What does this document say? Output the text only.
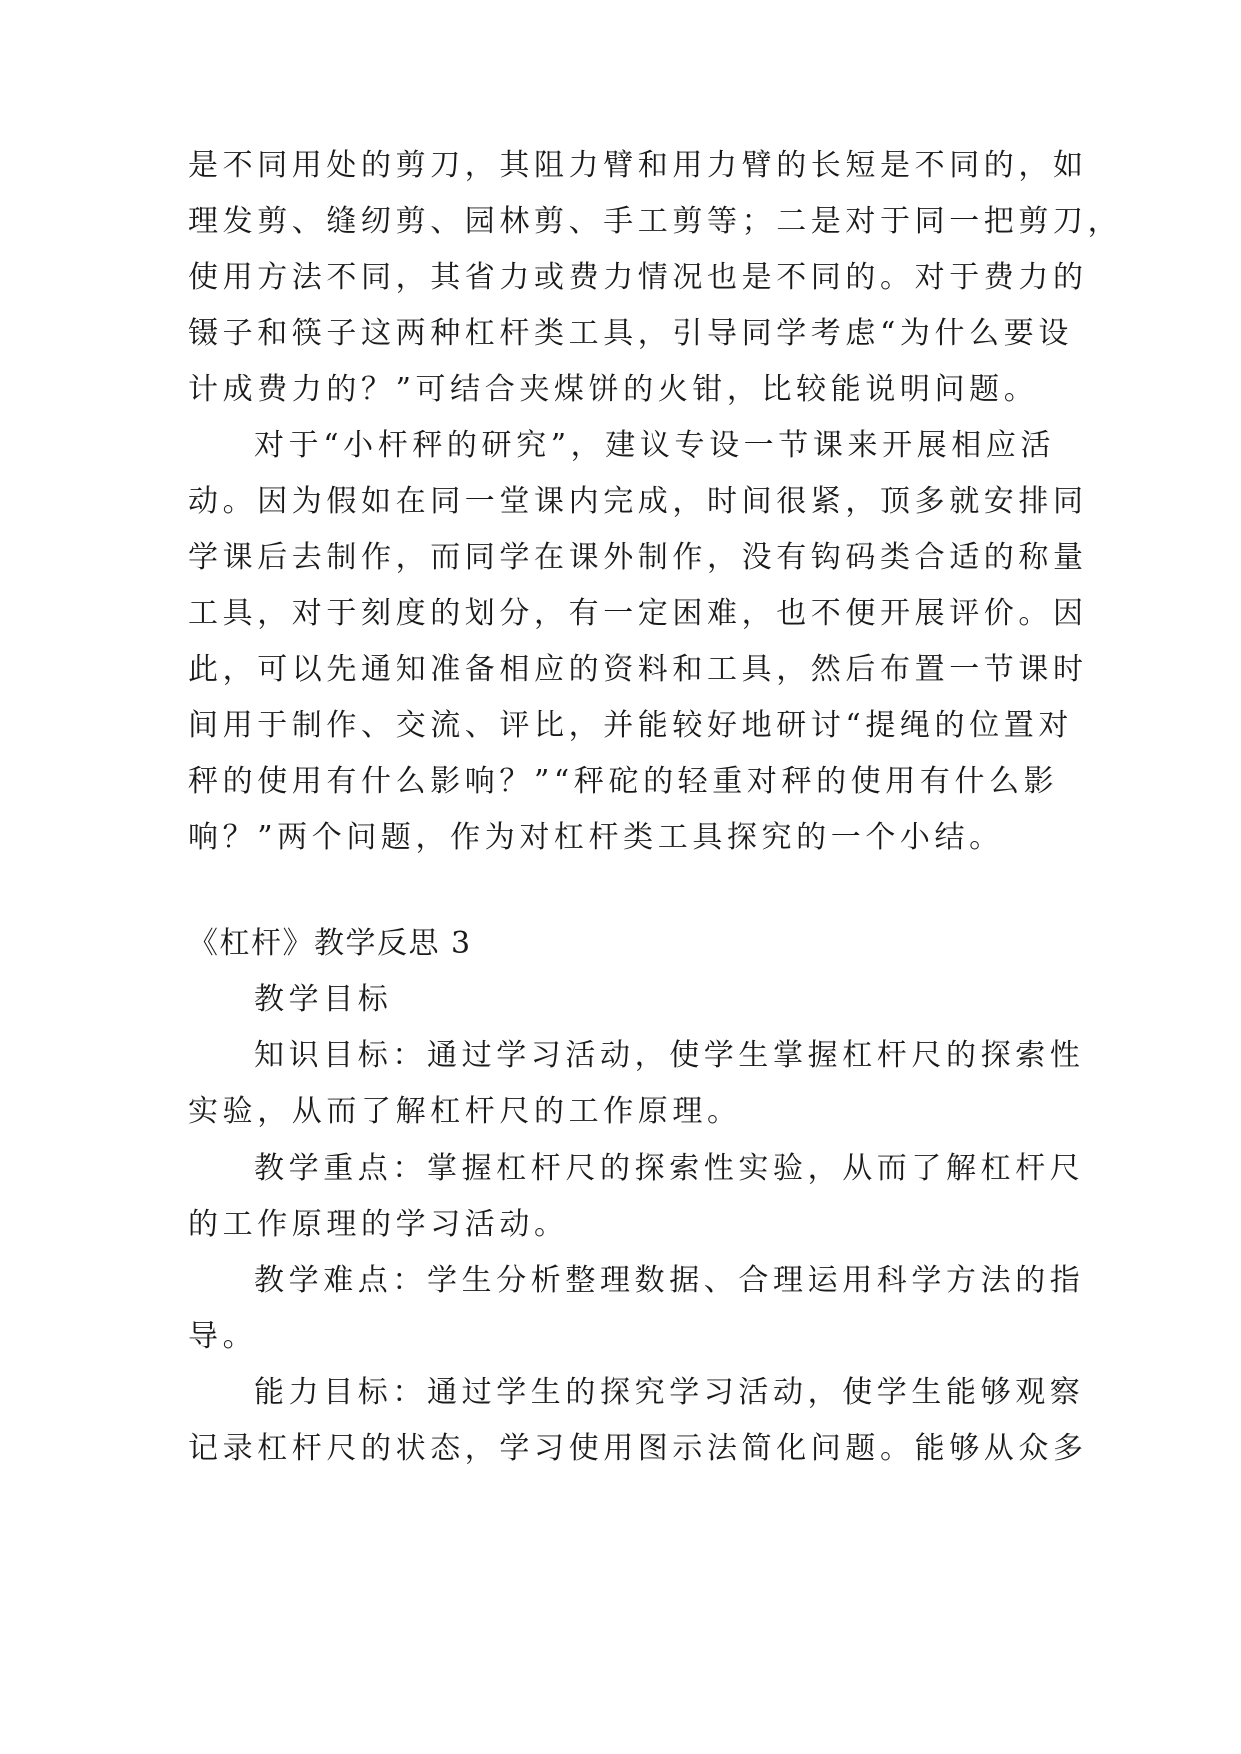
是不同用处的剪刀，其阻力臂和用力臂的长短是不同的，如
理发剪、缝纫剪、园林剪、手工剪等；二是对于同一把剪刀，
使用方法不同，其省力或费力情况也是不同的。对于费力的
镊子和筷子这两种杠杆类工具，引导同学考虑“为什么要设
计成费力的？”可结合夹煤饼的火钳，比较能说明问题。
对于“小杆秤的研究”，建议专设一节课来开展相应活
动。因为假如在同一堂课内完成，时间很紧，顶多就安排同
学课后去制作，而同学在课外制作，没有钩码类合适的称量
工具，对于刻度的划分，有一定困难，也不便开展评价。因
此，可以先通知准备相应的资料和工具，然后布置一节课时
间用于制作、交流、评比，并能较好地研讨“提绳的位置对
秤的使用有什么影响？”“秤砣的轻重对秤的使用有什么影
响？”两个问题，作为对杠杆类工具探究的一个小结。
《杠杆》教学反思 3
教学目标
知识目标：通过学习活动，使学生掌握杠杆尺的探索性
实验，从而了解杠杆尺的工作原理。
教学重点：掌握杠杆尺的探索性实验，从而了解杠杆尺
的工作原理的学习活动。
教学难点：学生分析整理数据、合理运用科学方法的指
导。
能力目标：通过学生的探究学习活动，使学生能够观察
记录杠杆尺的状态，学习使用图示法简化问题。能够从众多
